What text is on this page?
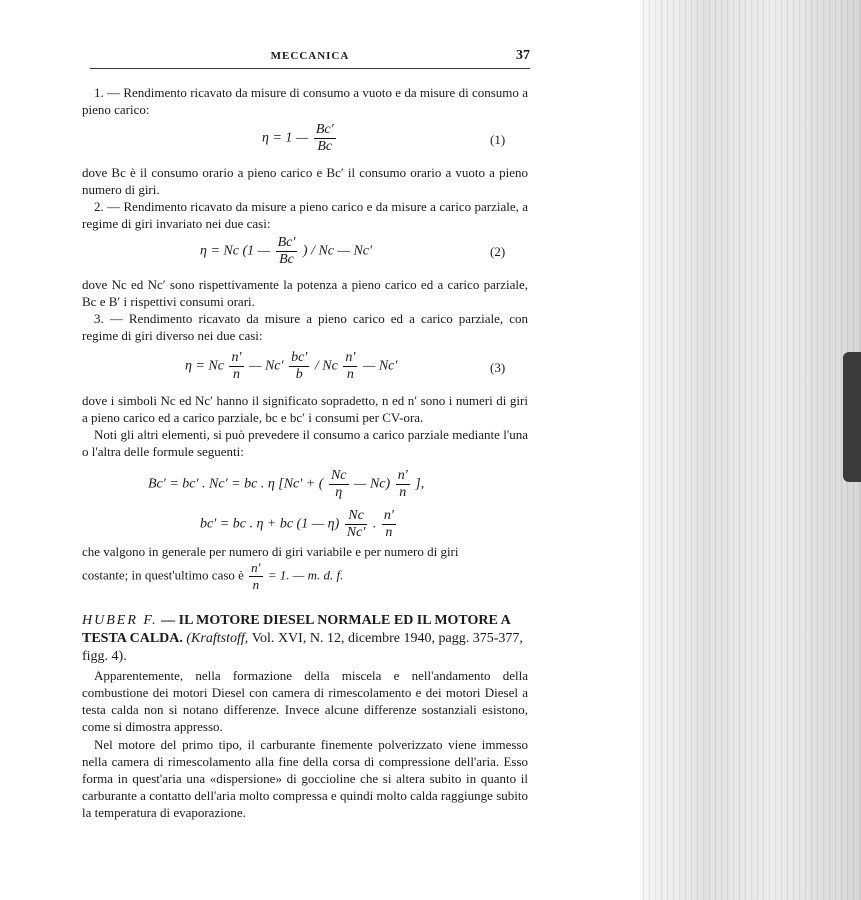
MECCANICA	37

1. — Rendimento ricavato da misure di consumo a vuoto e da misure di consumo a pieno carico:

η = 1 — $\frac{Bc'}{Bc}$	(1)

dove Bc è il consumo orario a pieno carico e Bc′ il consumo orario a vuoto a pieno numero di giri.

2. — Rendimento ricavato da misure a pieno carico e da misure a carico parziale, a regime di giri invariato nei due casi:

η = Nc (1 — $\frac{Bc'}{Bc}$ ) / Nc — Nc′	(2)

dove Nc ed Nc′ sono rispettivamente la potenza a pieno carico ed a carico parziale, Bc e B′ i rispettivi consumi orari.

3. — Rendimento ricavato da misure a pieno carico ed a carico parziale, con regime di giri diverso nei due casi:

η = Nc $\frac{n'}{n}$ — $Nc' \frac{bc'}{b}$ / Nc $\frac{n'}{n}$ — Nc′	(3)

dove i simboli Nc ed Nc′ hanno il significato sopradetto, n ed n′ sono i numeri di giri a pieno carico ed a carico parziale, bc e bc′ i consumi per CV-ora.

Noti gli altri elementi, si può prevedere il consumo a carico parziale mediante l'una o l'altra delle formule seguenti:

Bc′ = bc′ . Nc′ = bc . η [Nc′ + ( $\frac{Nc}{\eta}$ — $Nc) \frac{n'}{n}$ ],
bc′ = bc . η + bc (1 — $\eta) \frac{Nc}{Nc'}$ . $\frac{n'}{n}$

che valgono in generale per numero di giri variabile e per numero di giri

costante; in quest'ultimo caso è $\frac{n'}{n} = 1$. — m. d. f.

HUBER F. — IL MOTORE DIESEL NORMALE ED IL MOTORE A TESTA CALDA. (Kraftstoff, Vol. XVI, N. 12, dicembre 1940, pagg. 375-377, figg. 4).

Apparentemente, nella formazione della miscela e nell'andamento della combustione dei motori Diesel con camera di rimescolamento e dei motori Diesel a testa calda non si notano differenze. Invece alcune differenze sostanziali esistono, come si dimostra appresso.

Nel motore del primo tipo, il carburante finemente polverizzato viene immesso nella camera di rimescolamento alla fine della corsa di compressione dell'aria. Esso forma in quest'aria una «dispersione» di goccioline che si altera subito in quanto il carburante a contatto dell'aria molto compressa e quindi molto calda raggiunge subito la temperatura di evaporazione.
